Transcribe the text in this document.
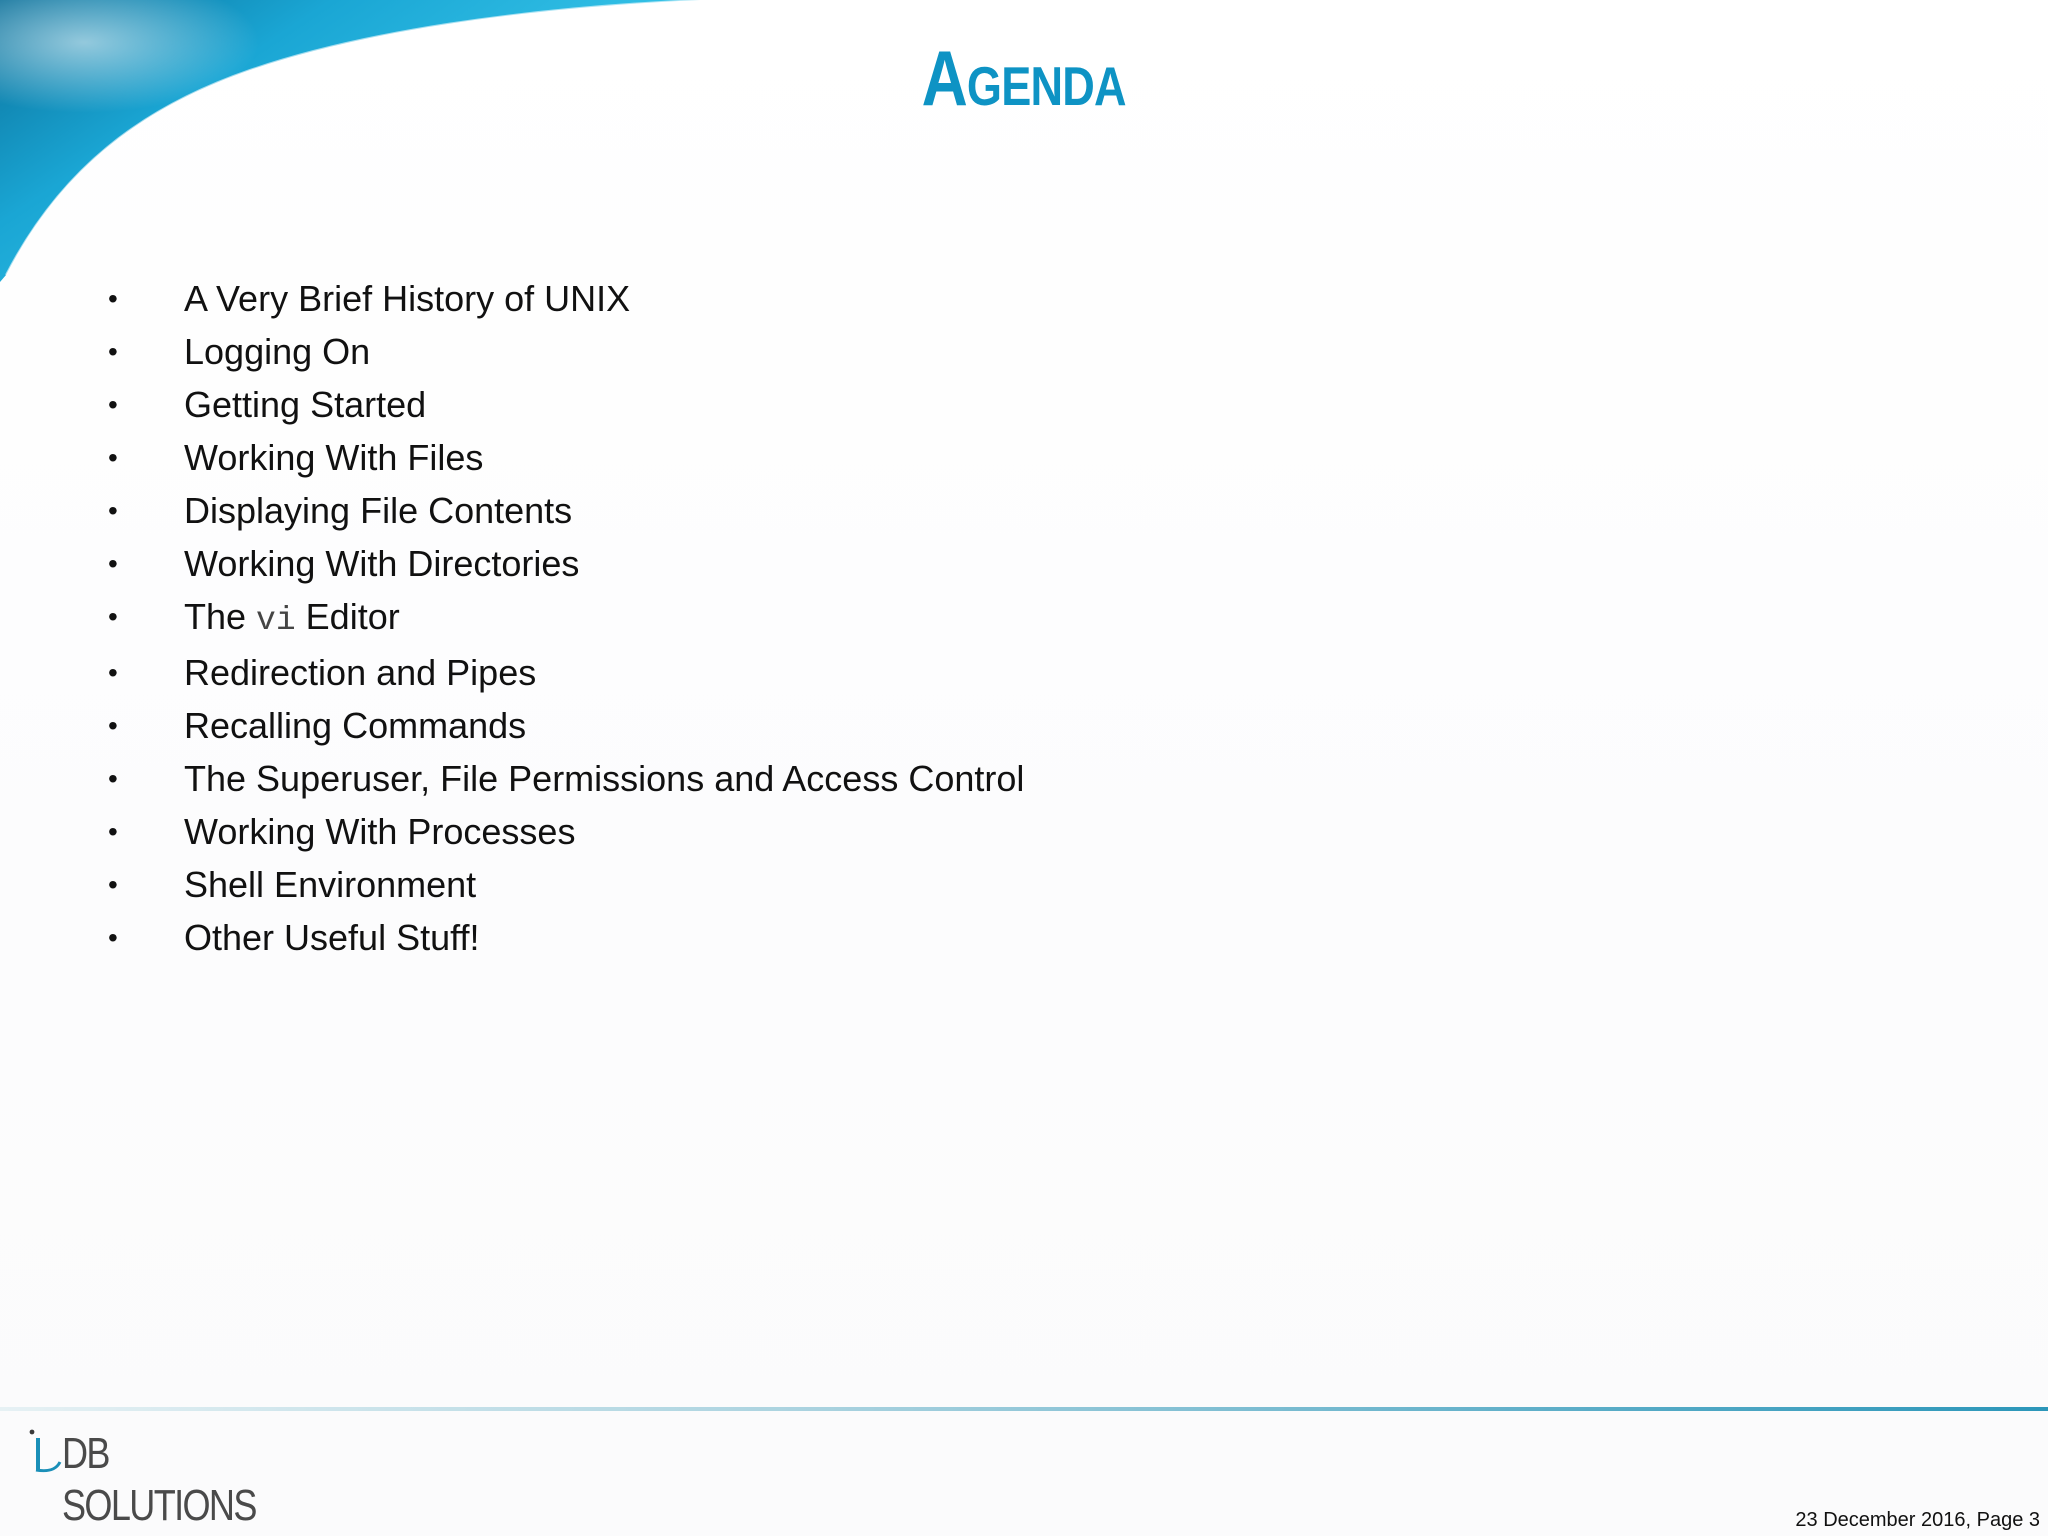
Agenda
• A Very Brief History of UNIX
• Logging On
• Getting Started
• Working With Files
• Displaying File Contents
• Working With Directories
• The vi Editor
• Redirection and Pipes
• Recalling Commands
• The Superuser, File Permissions and Access Control
• Working With Processes
• Shell Environment
• Other Useful Stuff!
DB SOLUTIONS	23 December 2016, Page 3
